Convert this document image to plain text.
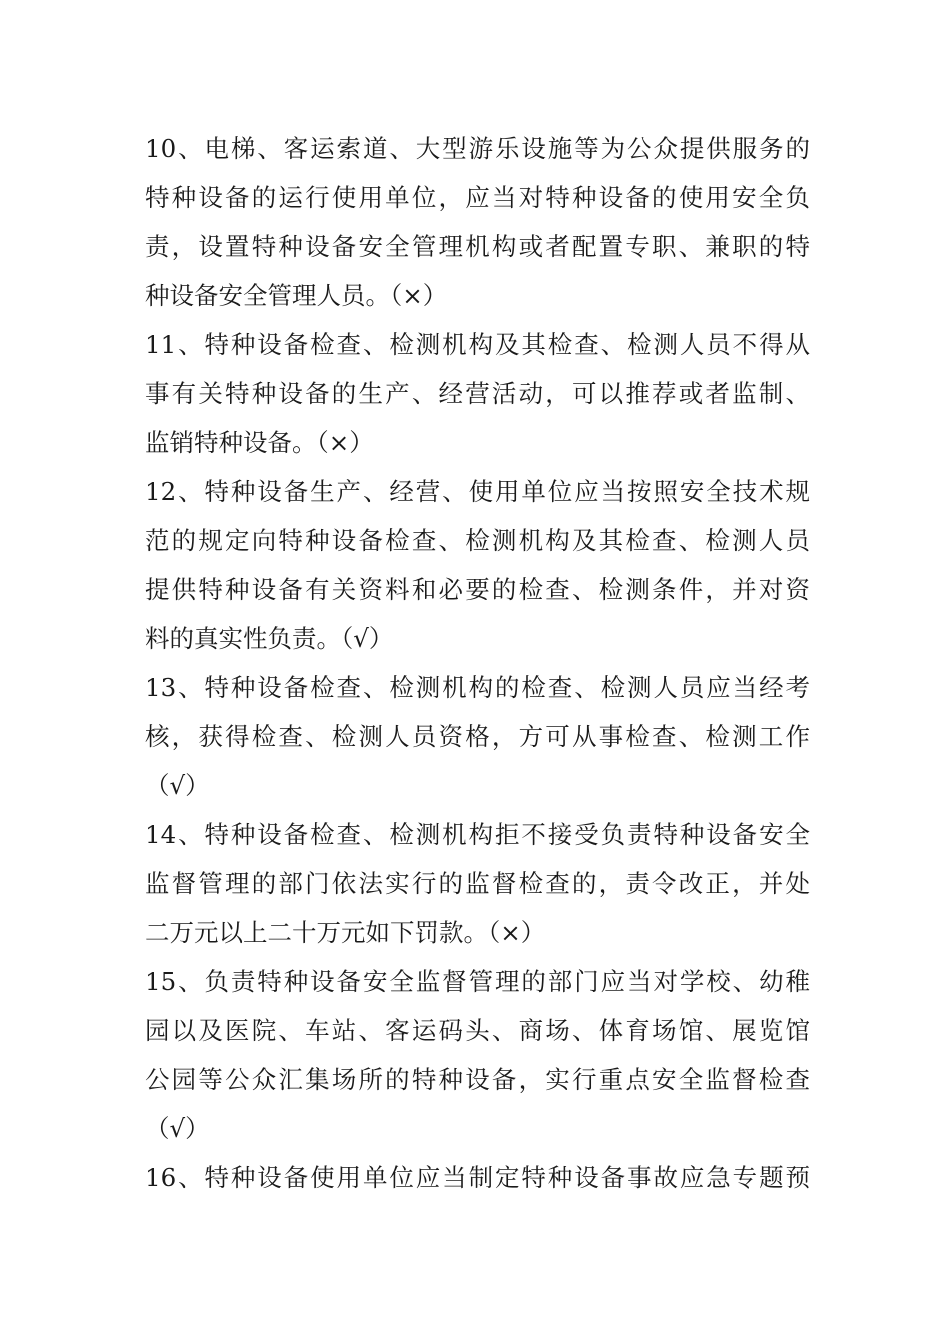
10、电梯、客运索道、大型游乐设施等为公众提供服务的
特种设备的运行使用单位，应当对特种设备的使用安全负
责，设置特种设备安全管理机构或者配置专职、兼职的特
种设备安全管理人员。（×）
11、特种设备检查、检测机构及其检查、检测人员不得从
事有关特种设备的生产、经营活动，可以推荐或者监制、
监销特种设备。（×）
12、特种设备生产、经营、使用单位应当按照安全技术规
范的规定向特种设备检查、检测机构及其检查、检测人员
提供特种设备有关资料和必要的检查、检测条件，并对资
料的真实性负责。（√）
13、特种设备检查、检测机构的检查、检测人员应当经考
核，获得检查、检测人员资格，方可从事检查、检测工作
（√）
14、特种设备检查、检测机构拒不接受负责特种设备安全
监督管理的部门依法实行的监督检查的，责令改正，并处
二万元以上二十万元如下罚款。（×）
15、负责特种设备安全监督管理的部门应当对学校、幼稚
园以及医院、车站、客运码头、商场、体育场馆、展览馆
公园等公众汇集场所的特种设备，实行重点安全监督检查
（√）
16、特种设备使用单位应当制定特种设备事故应急专题预
